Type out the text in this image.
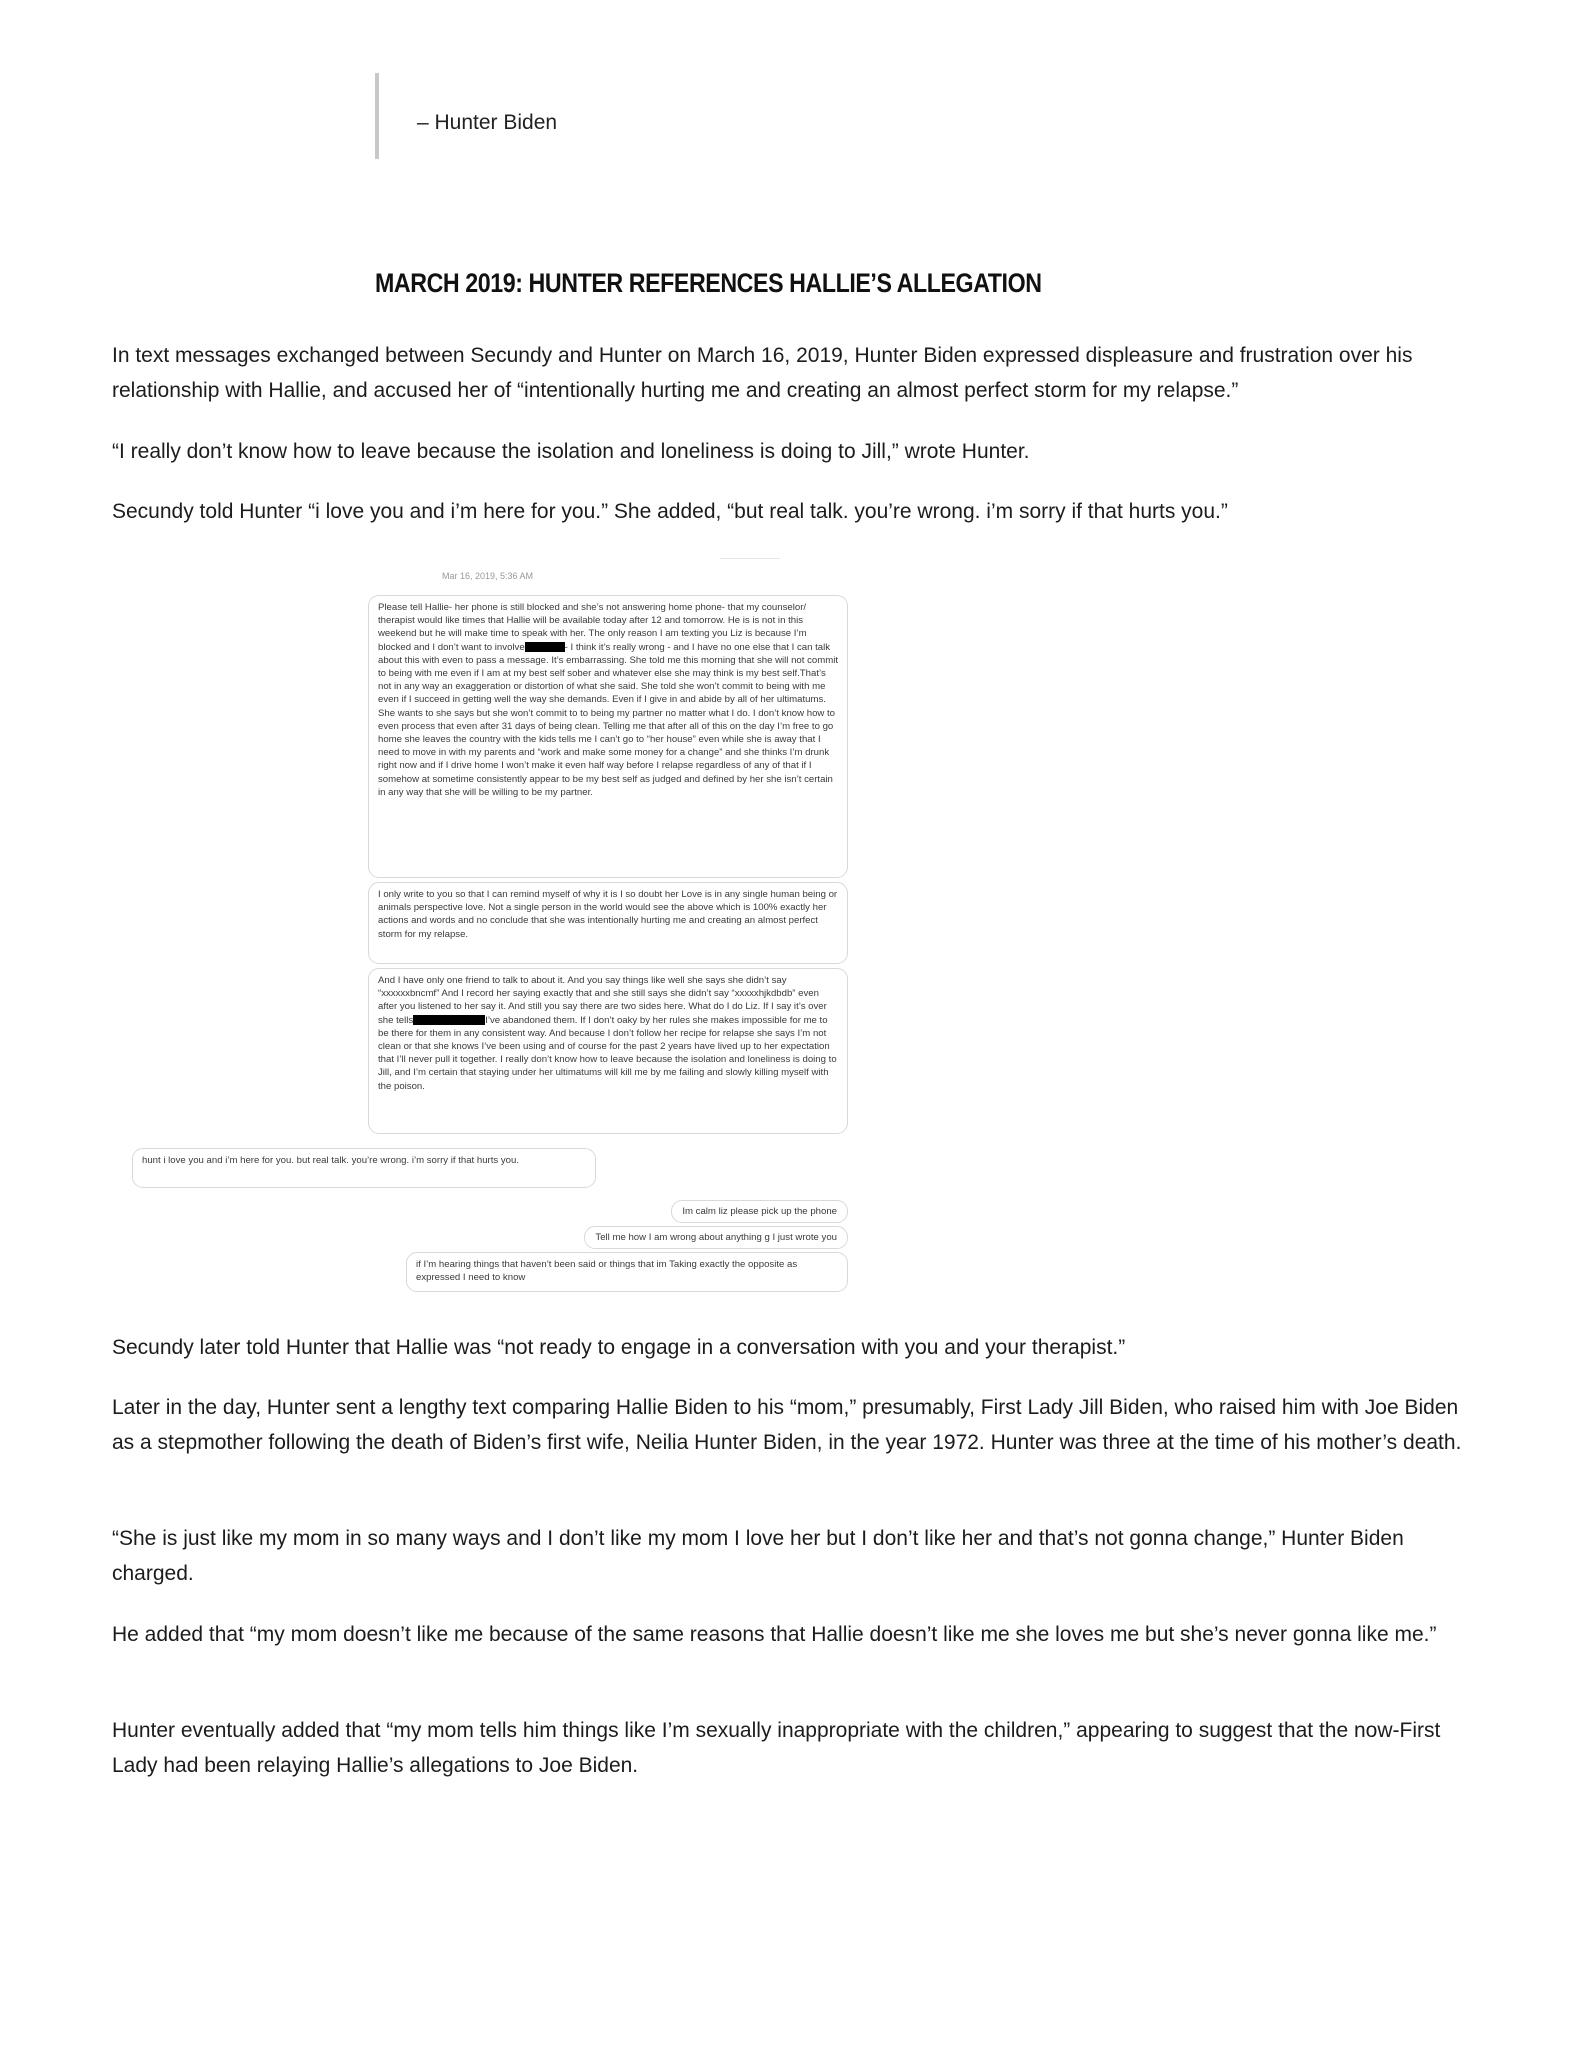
– Hunter Biden
MARCH 2019: HUNTER REFERENCES HALLIE’S ALLEGATION

In text messages exchanged between Secundy and Hunter on March 16, 2019, Hunter Biden expressed displeasure and frustration over his relationship with Hallie, and accused her of “intentionally hurting me and creating an almost perfect storm for my relapse.”

“I really don’t know how to leave because the isolation and loneliness is doing to Jill,” wrote Hunter.

Secundy told Hunter “i love you and i’m here for you.” She added, “but real talk. you’re wrong. i’m sorry if that hurts you.”

Mar 16, 2019, 5:36 AM

Please tell Hallie- her phone is still blocked and she’s not answering home phone- that my counselor/ therapist would like times that Hallie will be available today after 12 and tomorrow. He is is not in this weekend but he will make time to speak with her. The only reason I am texting you Liz is because I’m blocked and I don’t want to involve	- I think it’s really wrong - and I have no one else that I can talk about this with even to pass a message. It’s embarrassing. She told me this morning that she will not commit to being with me even if I am at my best self sober and whatever else she may think is my best self.That’s not in any way an exaggeration or distortion of what she said. She told she won’t commit to being with me even if I succeed in getting well the way she demands. Even if I give in and abide by all of her ultimatums. She wants to she says but she won’t commit to to being my partner no matter what I do. I don’t know how to even process that even after 31 days of being clean. Telling me that after all of this on the day I’m free to go home she leaves the country with the kids tells me I can’t go to “her house” even while she is away that I need to move in with my parents and “work and make some money for a change” and she thinks I’m drunk right now and if I drive home I won’t make it even half way before I relapse regardless of any of that if I somehow at sometime consistently appear to be my best self as judged and defined by her she isn’t certain in any way that she will be willing to be my partner.

I only write to you so that I can remind myself of why it is I so doubt her Love is in any single human being or animals perspective love. Not a single person in the world would see the above which is 100% exactly her actions and words and no conclude that she was intentionally hurting me and creating an almost perfect storm for my relapse.

And I have only one friend to talk to about it. And you say things like well she says she didn’t say “xxxxxxbncmf” And I record her saying exactly that and she still says she didn’t say “xxxxxhjkdbdb” even after you listened to her say it. And still you say there are two sides here. What do I do Liz. If I say it’s over she tells	I’ve abandoned them. If I don’t oaky by her rules she makes impossible for me to be there for them in any consistent way. And because I don’t follow her recipe for relapse she says I’m not clean or that she knows I’ve been using and of course for the past 2 years have lived up to her expectation that I’ll never pull it together. I really don’t know how to leave because the isolation and loneliness is doing to Jill, and I’m certain that staying under her ultimatums will kill me by me failing and slowly killing myself with the poison.

hunt i love you and i’m here for you. but real talk. you’re wrong. i’m sorry if that hurts you.

Im calm liz please pick up the phone
Tell me how I am wrong about anything g I just wrote you

if I’m hearing things that haven’t been said or things that im Taking exactly the opposite as expressed I need to know

Secundy later told Hunter that Hallie was “not ready to engage in a conversation with you and your therapist.”

Later in the day, Hunter sent a lengthy text comparing Hallie Biden to his “mom,” presumably, First Lady Jill Biden, who raised him with Joe Biden as a stepmother following the death of Biden’s first wife, Neilia Hunter Biden, in the year 1972. Hunter was three at the time of his mother’s death.

“She is just like my mom in so many ways and I don’t like my mom I love her but I don’t like her and that’s not gonna change,” Hunter Biden charged.

He added that “my mom doesn’t like me because of the same reasons that Hallie doesn’t like me she loves me but she’s never gonna like me.”

Hunter eventually added that “my mom tells him things like I’m sexually inappropriate with the children,” appearing to suggest that the now-First Lady had been relaying Hallie’s allegations to Joe Biden.
